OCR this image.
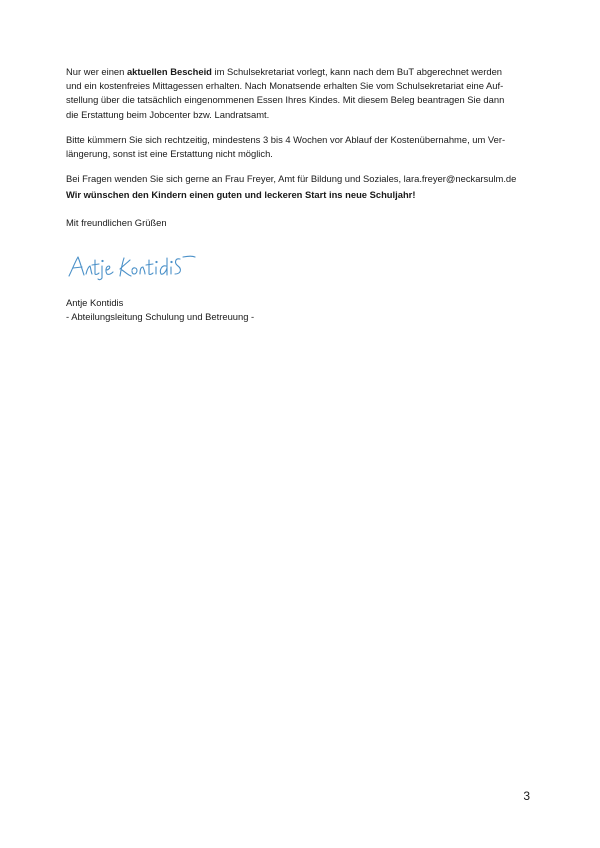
Nur wer einen aktuellen Bescheid im Schulsekretariat vorlegt, kann nach dem BuT abgerechnet werden
und ein kostenfreies Mittagessen erhalten. Nach Monatsende erhalten Sie vom Schulsekretariat eine Auf-
stellung über die tatsächlich eingenommenen Essen Ihres Kindes. Mit diesem Beleg beantragen Sie dann
die Erstattung beim Jobcenter bzw. Landratsamt.

Bitte kümmern Sie sich rechtzeitig, mindestens 3 bis 4 Wochen vor Ablauf der Kostenübernahme, um Ver-
längerung, sonst ist eine Erstattung nicht möglich.

Bei Fragen wenden Sie sich gerne an Frau Freyer, Amt für Bildung und Soziales, lara.freyer@neckarsulm.de

Wir wünschen den Kindern einen guten und leckeren Start ins neue Schuljahr!

Mit freundlichen Grüßen

Antje Kontidis
- Abteilungsleitung Schulung und Betreuung -
3
